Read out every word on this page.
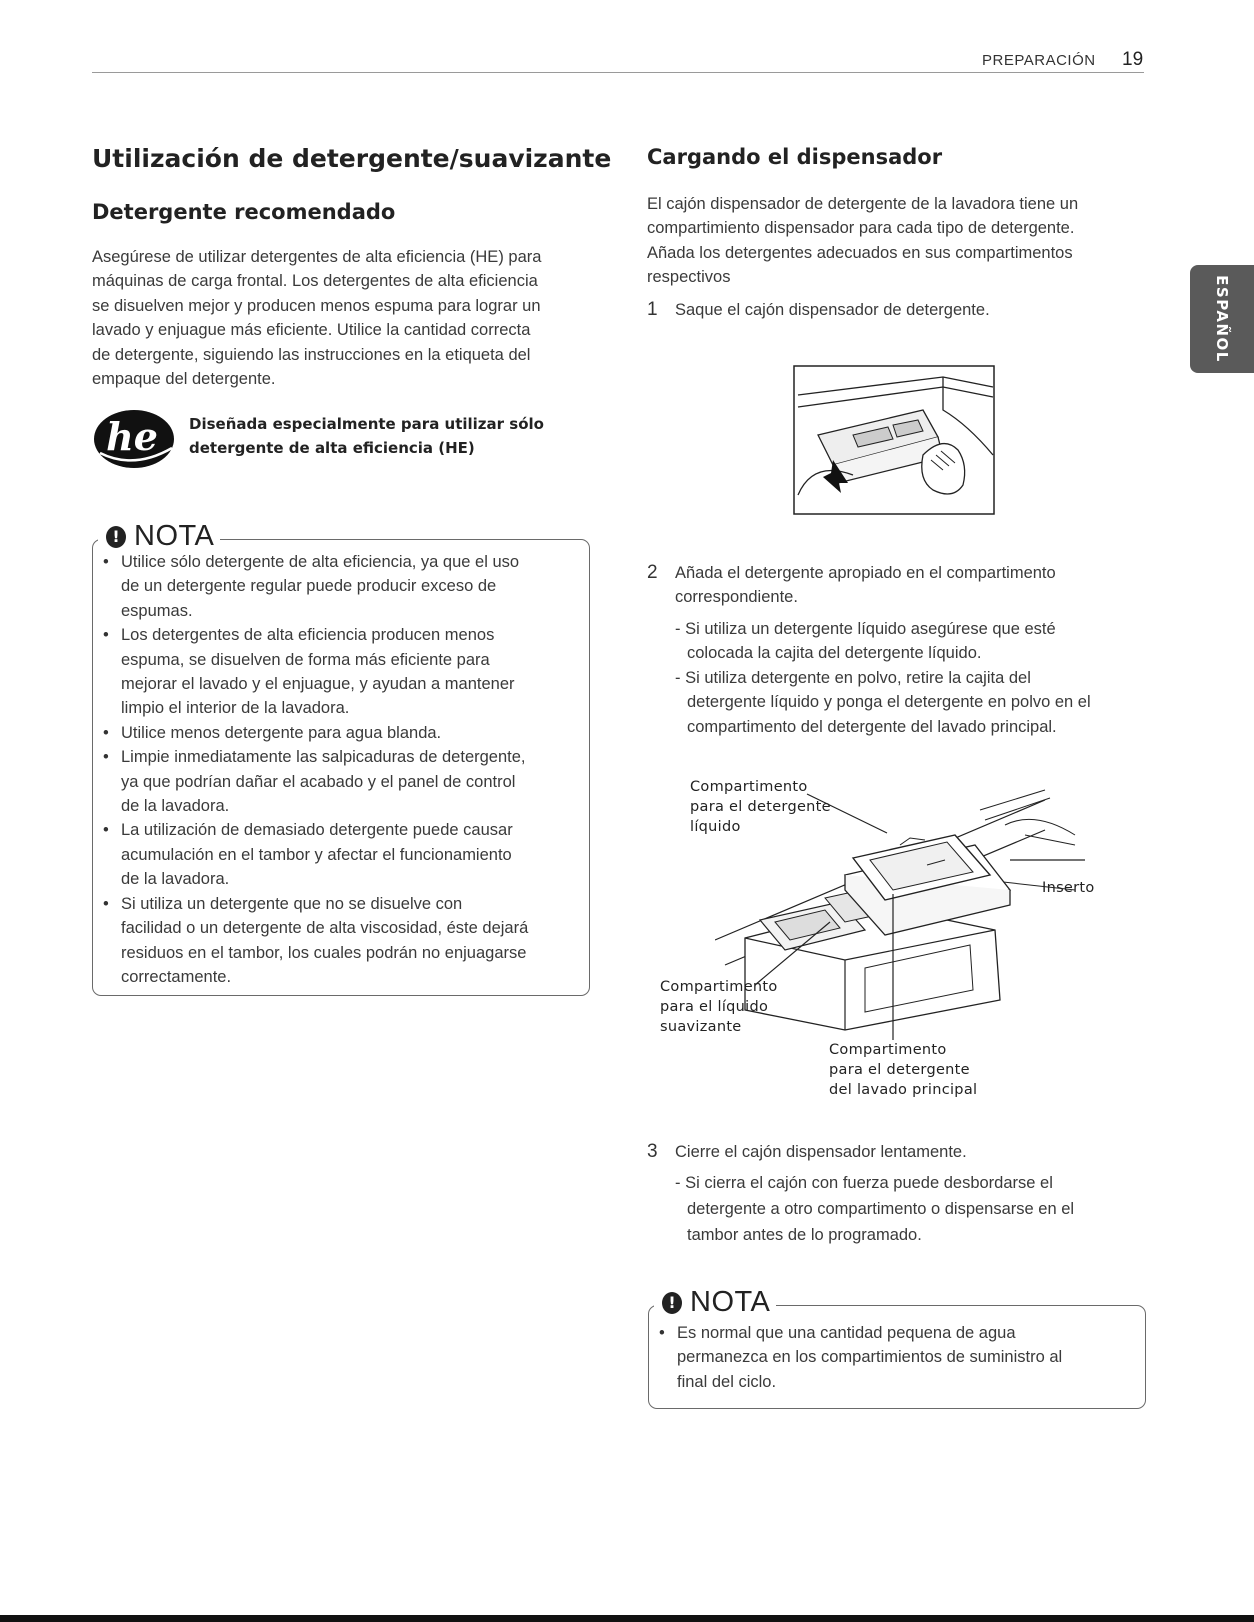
PREPARACIÓN 19
ESPAÑOL
Utilización de detergente/suavizante
Detergente recomendado
Asegúrese de utilizar detergentes de alta eficiencia (HE) para
máquinas de carga frontal. Los detergentes de alta eficiencia
se disuelven mejor y producen menos espuma para lograr un
lavado y enjuague más eficiente. Utilice la cantidad correcta
de detergente, siguiendo las instrucciones en la etiqueta del
empaque del detergente.
he Diseñada especialmente para utilizar sólo
detergente de alta eficiencia (HE)
! NOTA
• Utilice sólo detergente de alta eficiencia, ya que el uso
de un detergente regular puede producir exceso de
espumas.
• Los detergentes de alta eficiencia producen menos
espuma, se disuelven de forma más eficiente para
mejorar el lavado y el enjuague, y ayudan a mantener
limpio el interior de la lavadora.
• Utilice menos detergente para agua blanda.
• Limpie inmediatamente las salpicaduras de detergente,
ya que podrían dañar el acabado y el panel de control
de la lavadora.
• La utilización de demasiado detergente puede causar
acumulación en el tambor y afectar el funcionamiento
de la lavadora.
• Si utiliza un detergente que no se disuelve con
facilidad o un detergente de alta viscosidad, éste dejará
residuos en el tambor, los cuales podrán no enjuagarse
correctamente.
Cargando el dispensador
El cajón dispensador de detergente de la lavadora tiene un
compartimiento dispensador para cada tipo de detergente.
Añada los detergentes adecuados en sus compartimentos
respectivos
1 Saque el cajón dispensador de detergente.
2 Añada el detergente apropiado en el compartimento
correspondiente.
- Si utiliza un detergente líquido asegúrese que esté
colocada la cajita del detergente líquido.
- Si utiliza detergente en polvo, retire la cajita del
detergente líquido y ponga el detergente en polvo en el
compartimento del detergente del lavado principal.
Compartimento
para el detergente
líquido
Inserto
Compartimento
para el líquido
suavizante
Compartimento
para el detergente
del lavado principal
3 Cierre el cajón dispensador lentamente.
- Si cierra el cajón con fuerza puede desbordarse el
detergente a otro compartimento o dispensarse en el
tambor antes de lo programado.
! NOTA
• Es normal que una cantidad pequena de agua
permanezca en los compartimientos de suministro al
final del ciclo.
